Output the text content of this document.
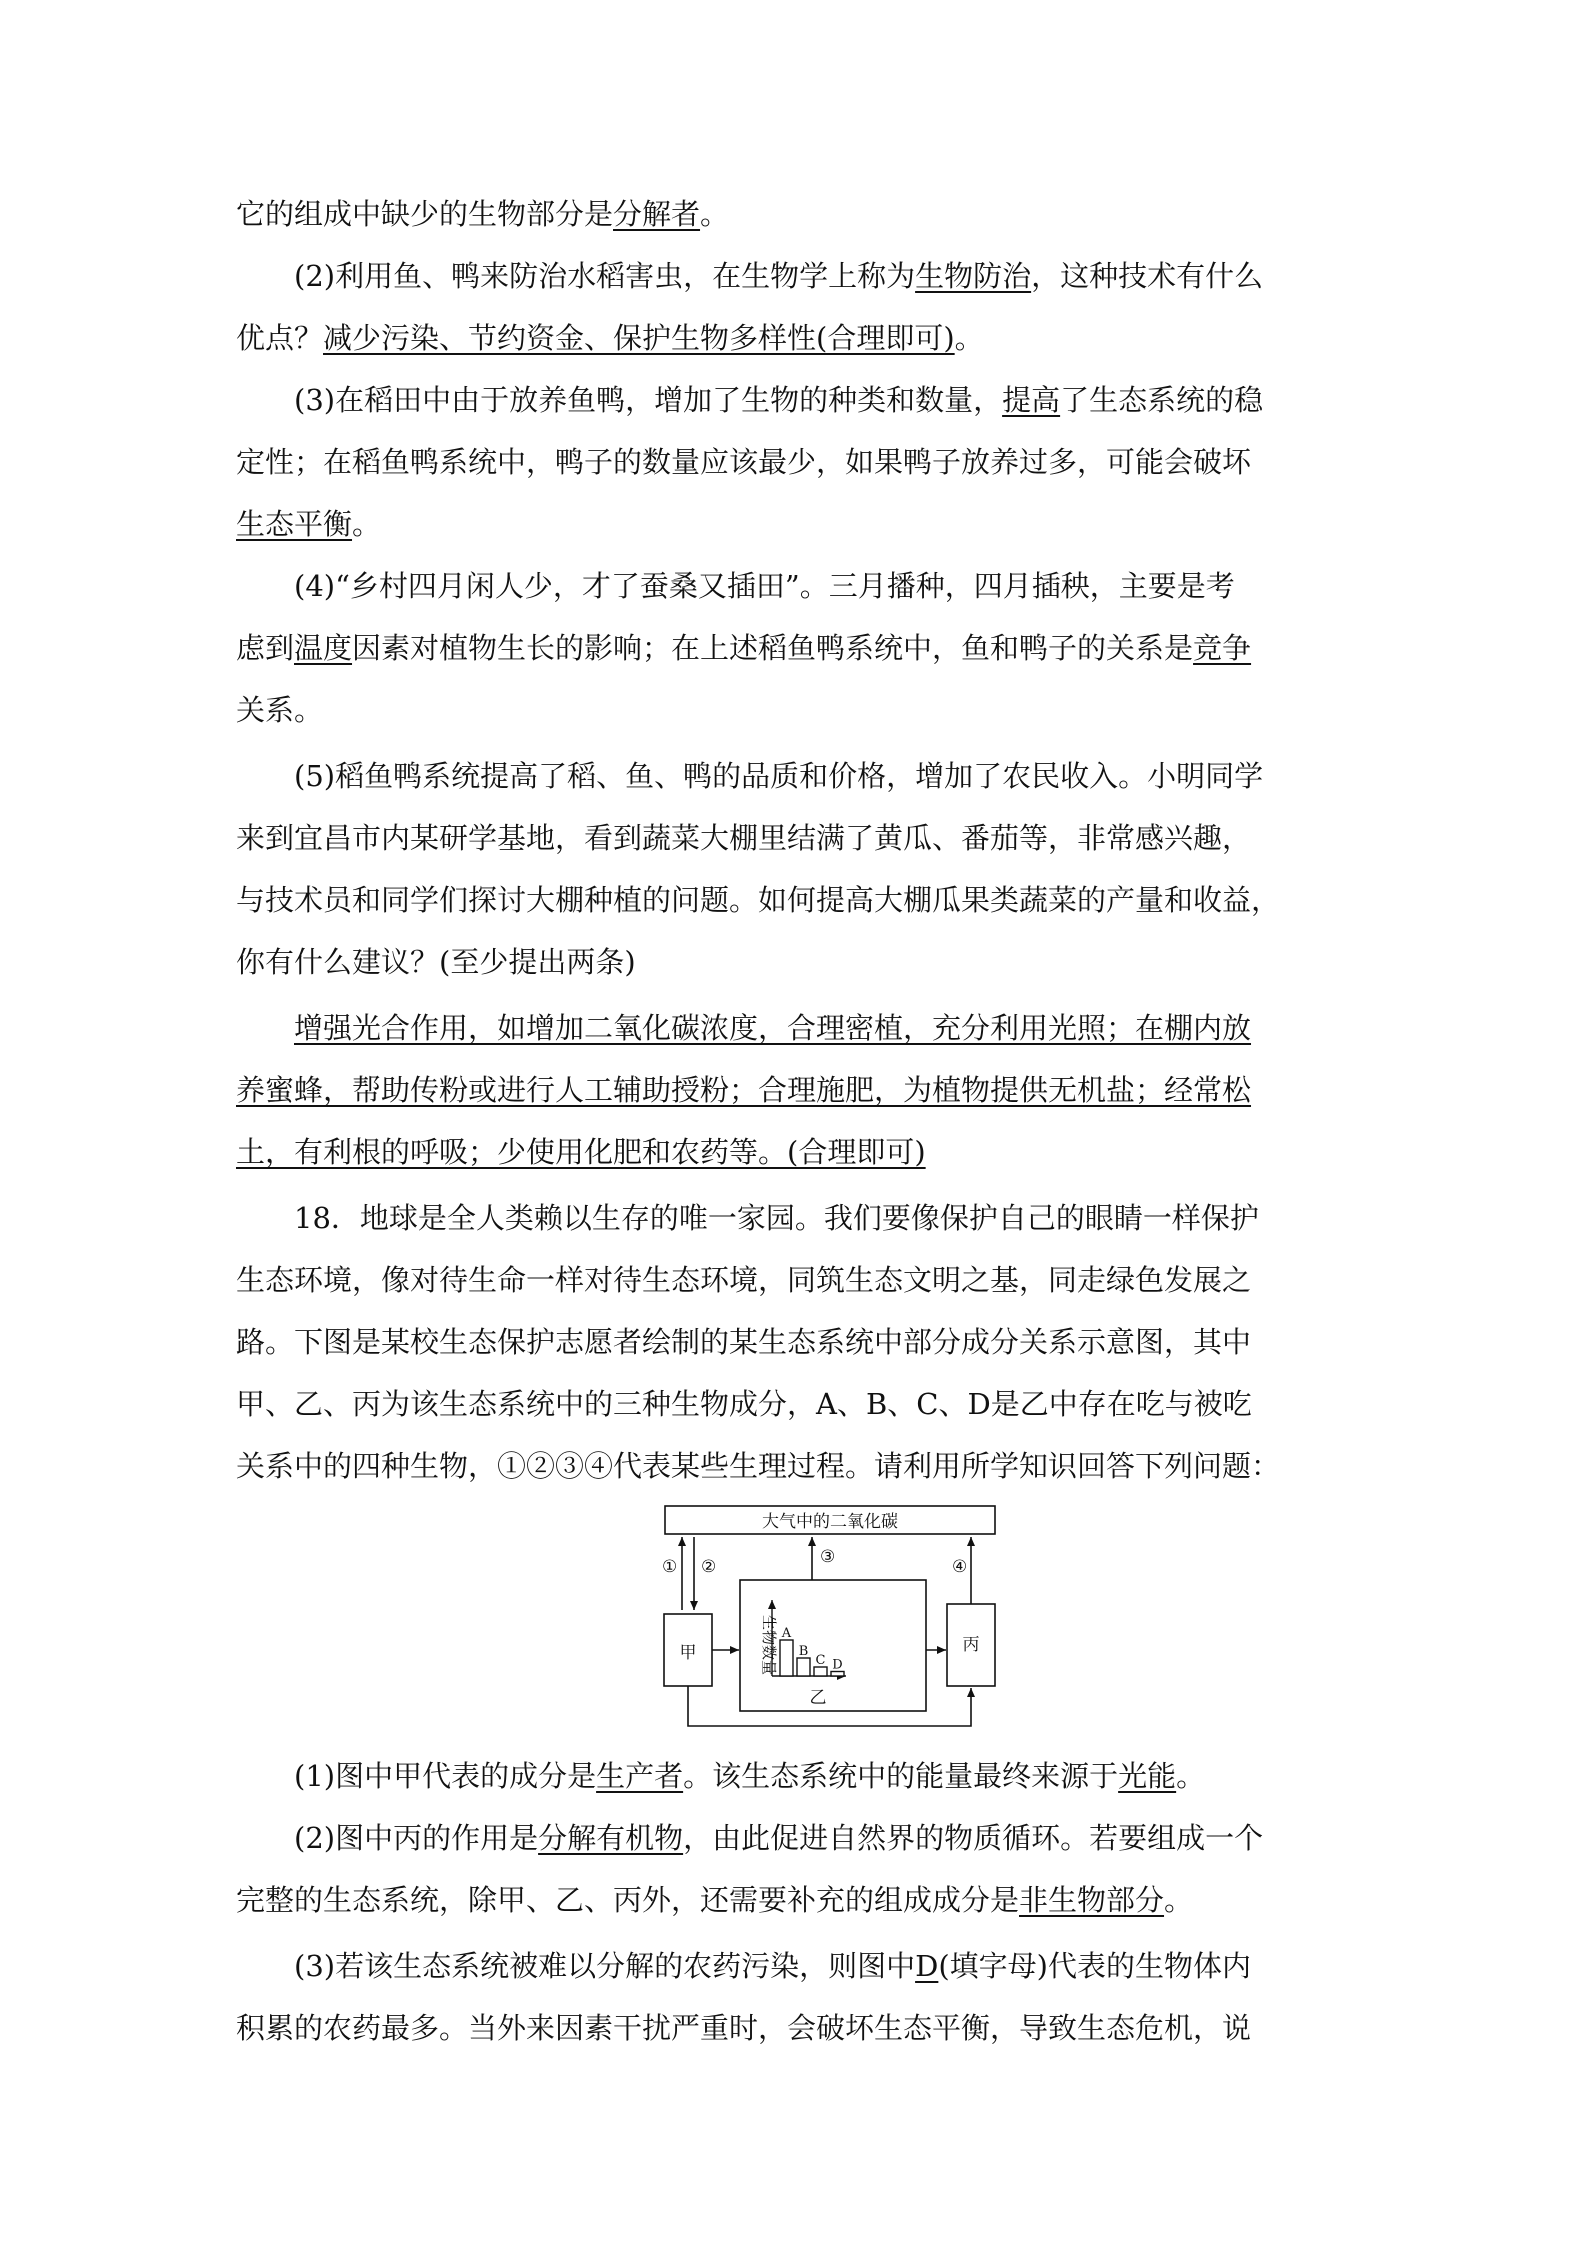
它的组成中缺少的生物部分是分解者。
(2)利用鱼、鸭来防治水稻害虫，在生物学上称为生物防治，这种技术有什么
优点？减少污染、节约资金、保护生物多样性(合理即可)。
(3)在稻田中由于放养鱼鸭，增加了生物的种类和数量，提高了生态系统的稳
定性；在稻鱼鸭系统中，鸭子的数量应该最少，如果鸭子放养过多，可能会破坏
生态平衡。
(4)“乡村四月闲人少，才了蚕桑又插田”。三月播种，四月插秧，主要是考
虑到温度因素对植物生长的影响；在上述稻鱼鸭系统中，鱼和鸭子的关系是竞争
关系。
(5)稻鱼鸭系统提高了稻、鱼、鸭的品质和价格，增加了农民收入。小明同学
来到宜昌市内某研学基地，看到蔬菜大棚里结满了黄瓜、番茄等，非常感兴趣，
与技术员和同学们探讨大棚种植的问题。如何提高大棚瓜果类蔬菜的产量和收益，
你有什么建议？(至少提出两条)
增强光合作用，如增加二氧化碳浓度，合理密植，充分利用光照；在棚内放
养蜜蜂，帮助传粉或进行人工辅助授粉；合理施肥，为植物提供无机盐；经常松
土，有利根的呼吸；少使用化肥和农药等。(合理即可)
18．地球是全人类赖以生存的唯一家园。我们要像保护自己的眼睛一样保护
生态环境，像对待生命一样对待生态环境，同筑生态文明之基，同走绿色发展之
路。下图是某校生态保护志愿者绘制的某生态系统中部分成分关系示意图，其中
甲、乙、丙为该生态系统中的三种生物成分，A、B、C、D是乙中存在吃与被吃
关系中的四种生物，①②③④代表某些生理过程。请利用所学知识回答下列问题：
大气中的二氧化碳
① ②
甲
③
丙
④
生物数量 A
B
C D
乙
(1)图中甲代表的成分是生产者。该生态系统中的能量最终来源于光能。
(2)图中丙的作用是分解有机物，由此促进自然界的物质循环。若要组成一个
完整的生态系统，除甲、乙、丙外，还需要补充的组成成分是非生物部分。
(3)若该生态系统被难以分解的农药污染，则图中D(填字母)代表的生物体内
积累的农药最多。当外来因素干扰严重时，会破坏生态平衡，导致生态危机，说
